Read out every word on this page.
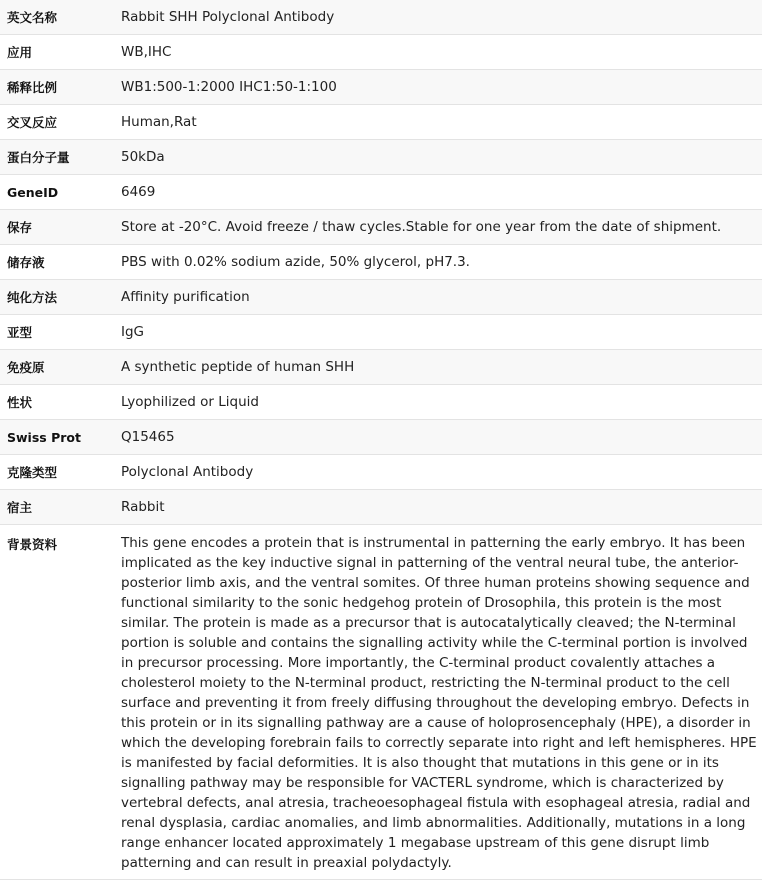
英文名称	Rabbit SHH Polyclonal Antibody
应用	WB,IHC
稀释比例	WB1:500-1:2000 IHC1:50-1:100
交叉反应	Human,Rat
蛋白分子量	50kDa
GeneID	6469
保存	Store at -20°C. Avoid freeze / thaw cycles.Stable for one year from the date of shipment.
储存液	PBS with 0.02% sodium azide, 50% glycerol, pH7.3.
纯化方法	Affinity purification
亚型	IgG
免疫原	A synthetic peptide of human SHH
性状	Lyophilized or Liquid
Swiss Prot	Q15465
克隆类型	Polyclonal Antibody
宿主	Rabbit
背景资料	This gene encodes a protein that is instrumental in patterning the early embryo. It has been implicated as the key inductive signal in patterning of the ventral neural tube, the anterior-posterior limb axis, and the ventral somites. Of three human proteins showing sequence and functional similarity to the sonic hedgehog protein of Drosophila, this protein is the most similar. The protein is made as a precursor that is autocatalytically cleaved; the N-terminal portion is soluble and contains the signalling activity while the C-terminal portion is involved in precursor processing. More importantly, the C-terminal product covalently attaches a cholesterol moiety to the N-terminal product, restricting the N-terminal product to the cell surface and preventing it from freely diffusing throughout the developing embryo. Defects in this protein or in its signalling pathway are a cause of holoprosencephaly (HPE), a disorder in which the developing forebrain fails to correctly separate into right and left hemispheres. HPE is manifested by facial deformities. It is also thought that mutations in this gene or in its signalling pathway may be responsible for VACTERL syndrome, which is characterized by vertebral defects, anal atresia, tracheoesophageal fistula with esophageal atresia, radial and renal dysplasia, cardiac anomalies, and limb abnormalities. Additionally, mutations in a long range enhancer located approximately 1 megabase upstream of this gene disrupt limb patterning and can result in preaxial polydactyly.
